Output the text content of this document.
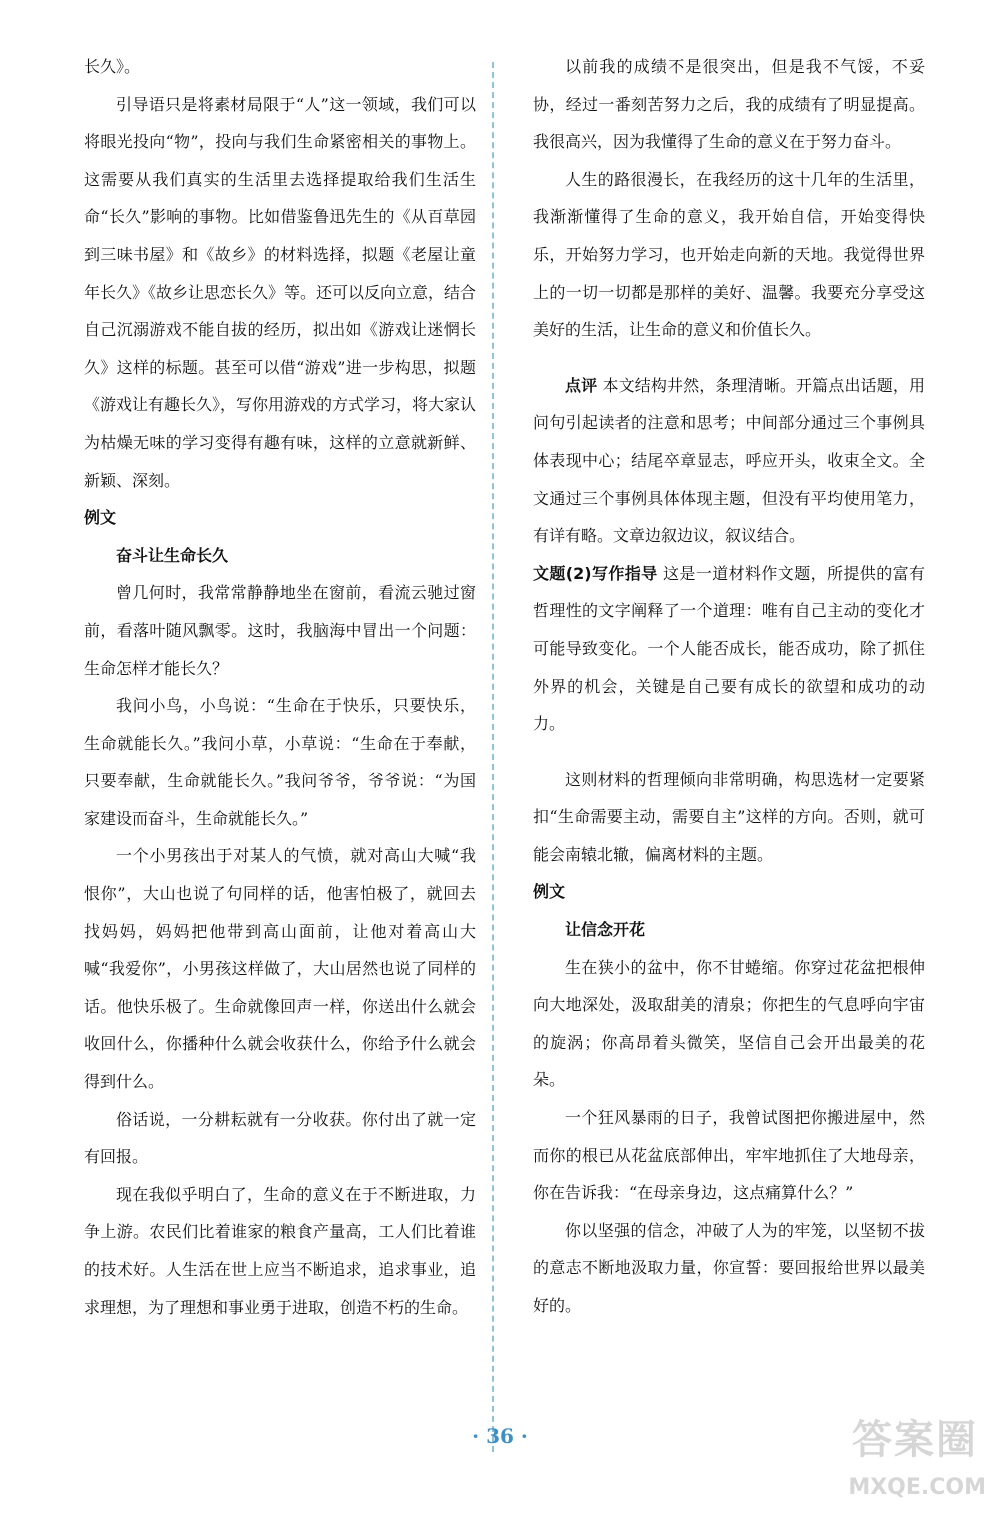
长久》。

引导语只是将素材局限于“人”这一领域，我们可以将眼光投向“物”，投向与我们生命紧密相关的事物上。这需要从我们真实的生活里去选择提取给我们生活生命“长久”影响的事物。比如借鉴鲁迅先生的《从百草园到三味书屋》和《故乡》的材料选择，拟题《老屋让童年长久》《故乡让思恋长久》等。还可以反向立意，结合自己沉溺游戏不能自拔的经历，拟出如《游戏让迷惘长久》这样的标题。甚至可以借“游戏”进一步构思，拟题《游戏让有趣长久》，写你用游戏的方式学习，将大家认为枯燥无味的学习变得有趣有味，这样的立意就新鲜、新颖、深刻。

例文

奋斗让生命长久

曾几何时，我常常静静地坐在窗前，看流云驰过窗前，看落叶随风飘零。这时，我脑海中冒出一个问题：生命怎样才能长久？

我问小鸟，小鸟说：“生命在于快乐，只要快乐，生命就能长久。”我问小草，小草说：“生命在于奉献，只要奉献，生命就能长久。”我问爷爷，爷爷说：“为国家建设而奋斗，生命就能长久。”

一个小男孩出于对某人的气愤，就对高山大喊“我恨你”，大山也说了句同样的话，他害怕极了，就回去找妈妈，妈妈把他带到高山面前，让他对着高山大喊“我爱你”，小男孩这样做了，大山居然也说了同样的话。他快乐极了。生命就像回声一样，你送出什么就会收回什么，你播种什么就会收获什么，你给予什么就会得到什么。

俗话说，一分耕耘就有一分收获。你付出了就一定有回报。

现在我似乎明白了，生命的意义在于不断进取，力争上游。农民们比着谁家的粮食产量高，工人们比着谁的技术好。人生活在世上应当不断追求，追求事业，追求理想，为了理想和事业勇于进取，创造不朽的生命。

以前我的成绩不是很突出，但是我不气馁，不妥协，经过一番刻苦努力之后，我的成绩有了明显提高。我很高兴，因为我懂得了生命的意义在于努力奋斗。

人生的路很漫长，在我经历的这十几年的生活里，我渐渐懂得了生命的意义，我开始自信，开始变得快乐，开始努力学习，也开始走向新的天地。我觉得世界上的一切一切都是那样的美好、温馨。我要充分享受这美好的生活，让生命的意义和价值长久。

点评 本文结构井然，条理清晰。开篇点出话题，用问句引起读者的注意和思考；中间部分通过三个事例具体表现中心；结尾卒章显志，呼应开头，收束全文。全文通过三个事例具体体现主题，但没有平均使用笔力，有详有略。文章边叙边议，叙议结合。

文题(2)写作指导 这是一道材料作文题，所提供的富有哲理性的文字阐释了一个道理：唯有自己主动的变化才可能导致变化。一个人能否成长，能否成功，除了抓住外界的机会，关键是自己要有成长的欲望和成功的动力。

这则材料的哲理倾向非常明确，构思选材一定要紧扣“生命需要主动，需要自主”这样的方向。否则，就可能会南辕北辙，偏离材料的主题。

例文

让信念开花

生在狭小的盆中，你不甘蜷缩。你穿过花盆把根伸向大地深处，汲取甜美的清泉；你把生的气息呼向宇宙的旋涡；你高昂着头微笑，坚信自己会开出最美的花朵。

一个狂风暴雨的日子，我曾试图把你搬进屋中，然而你的根已从花盆底部伸出，牢牢地抓住了大地母亲，你在告诉我：“在母亲身边，这点痛算什么？”

你以坚强的信念，冲破了人为的牢笼，以坚韧不拔的意志不断地汲取力量，你宣誓：要回报给世界以最美好的。

· 36 ·	答案圈
MXQE.COM
